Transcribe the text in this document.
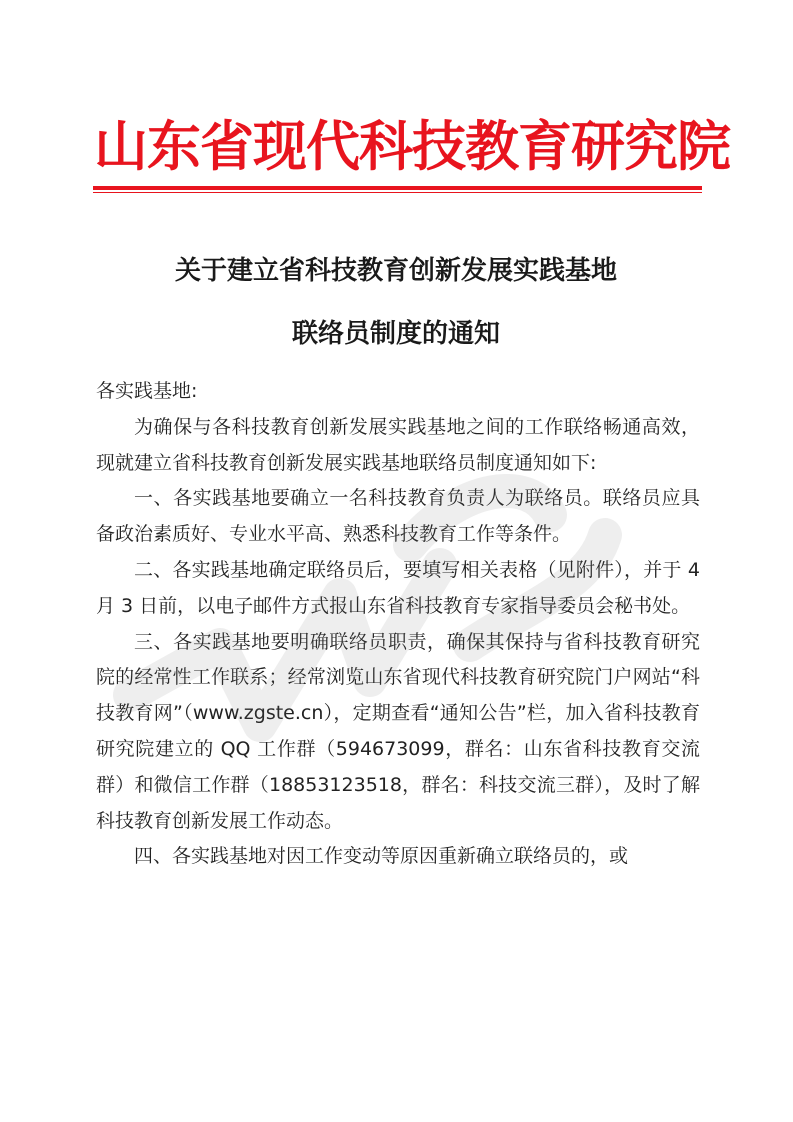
山东省现代科技教育研究院
关于建立省科技教育创新发展实践基地
联络员制度的通知

各实践基地:

为确保与各科技教育创新发展实践基地之间的工作联络畅通高效，现就建立省科技教育创新发展实践基地联络员制度通知如下:

一、各实践基地要确立一名科技教育负责人为联络员。联络员应具备政治素质好、专业水平高、熟悉科技教育工作等条件。

二、各实践基地确定联络员后，要填写相关表格（见附件），并于 4 月 3 日前，以电子邮件方式报山东省科技教育专家指导委员会秘书处。

三、各实践基地要明确联络员职责，确保其保持与省科技教育研究院的经常性工作联系；经常浏览山东省现代科技教育研究院门户网站“科技教育网”（www.zgste.cn），定期查看“通知公告”栏，加入省科技教育研究院建立的 QQ 工作群（594673099，群名：山东省科技教育交流群）和微信工作群（18853123518，群名：科技交流三群），及时了解科技教育创新发展工作动态。

四、各实践基地对因工作变动等原因重新确立联络员的，或
